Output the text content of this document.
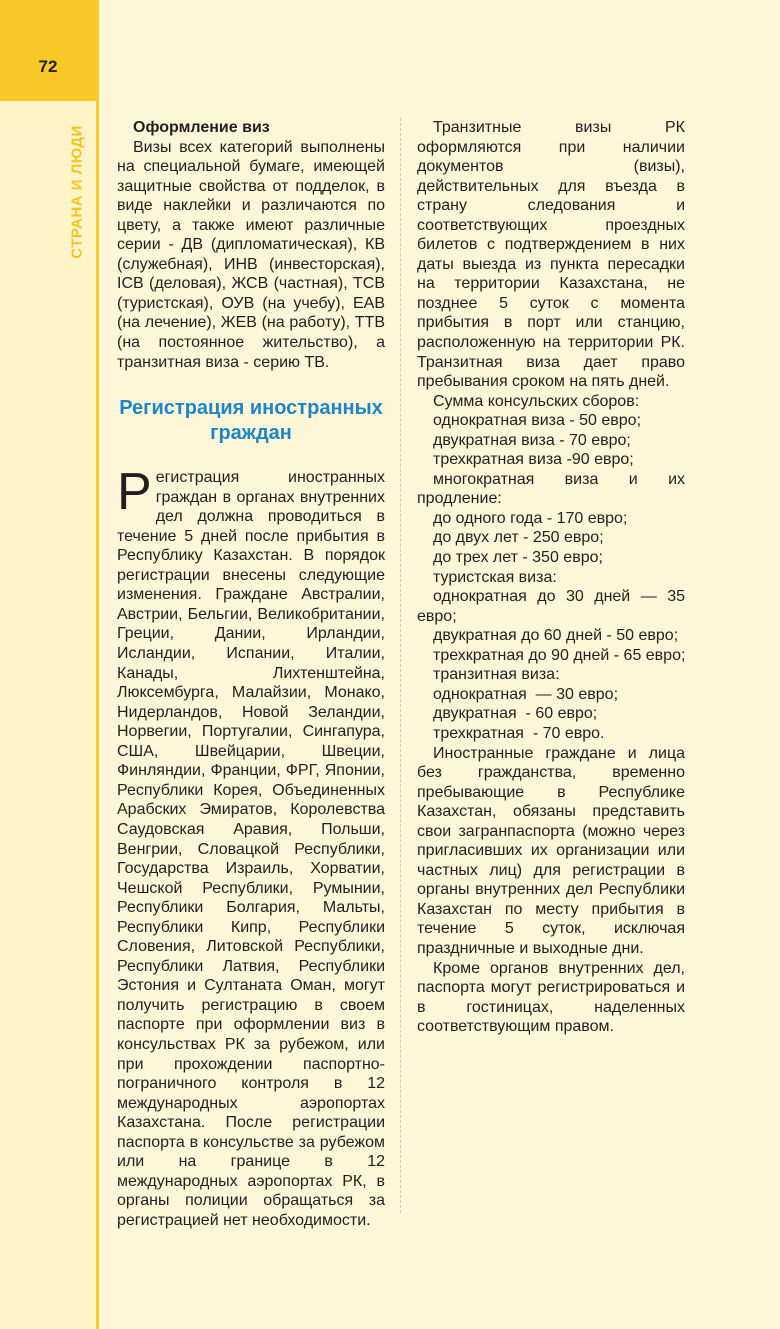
72
СТРАНА И ЛЮДИ	Оформление виз

Визы всех категорий выполнены на специальной бумаге, имеющей защитные свойства от подделок, в виде наклейки и различаются по цвету, а также имеют различные серии - ДВ (дипломатическая), КВ (служебная), ИНВ (инвесторская), ІСВ (деловая), ЖСВ (частная), ТСВ (туристская), ОУВ (на учебу), ЕАВ (на лечение), ЖЕВ (на работу), ТТВ (на постоянное жительство), а транзитная виза - серию ТВ.

Регистрация иностранных
граждан

Регистрация иностранных граждан в органах внутренних дел должна проводиться в течение 5 дней после прибытия в Республику Казахстан. В порядок регистрации внесены следующие изменения. Граждане Австралии, Австрии, Бельгии, Великобритании, Греции, Дании, Ирландии, Исландии, Испании, Италии, Канады, Лихтенштейна, Люксембурга, Малайзии, Монако, Нидерландов, Новой Зеландии, Норвегии, Португалии, Сингапура, США, Швейцарии, Швеции, Финляндии, Франции, ФРГ, Японии, Республики Корея, Объединенных Арабских Эмиратов, Королевства Саудовская Аравия, Польши, Венгрии, Словацкой Республики, Государства Израиль, Хорватии, Чешской Республики, Румынии, Республики Болгария, Мальты, Республики Кипр, Республики Словения, Литовской Республики, Республики Латвия, Республики Эстония и Султаната Оман, могут получить регистрацию в своем паспорте при оформлении виз в консульствах РК за рубежом, или при прохождении паспортно-пограничного контроля в 12 международных аэропортах Казахстана. После регистрации паспорта в консульстве за рубежом или на границе в 12 международных аэропортах РК, в органы полиции обращаться за регистрацией нет необходимости.

Транзитные визы РК оформляются при наличии документов (визы), действительных для въезда в страну следования и соответствующих проездных билетов с подтверждением в них даты выезда из пункта пересадки на территории Казахстана, не позднее 5 суток с момента прибытия в порт или станцию, расположенную на территории РК. Транзитная виза дает право пребывания сроком на пять дней.

Сумма консульских сборов:

однократная виза - 50 евро;

двукратная виза - 70 евро;

трехкратная виза -90 евро;

многократная виза и их продление:

до одного года - 170 евро;

до двух лет - 250 евро;

до трех лет - 350 евро;

туристская виза:

однократная до 30 дней — 35 евро;

двукратная до 60 дней - 50 евро;

трехкратная до 90 дней - 65 евро;

транзитная виза:

однократная  — 30 евро;

двукратная  - 60 евро;

трехкратная  - 70 евро.

Иностранные граждане и лица без гражданства, временно пребывающие в Республике Казахстан, обязаны представить свои загранпаспорта (можно через пригласивших их организации или частных лиц) для регистрации в органы внутренних дел Республики Казахстан по месту прибытия в течение 5 суток, исключая праздничные и выходные дни.

Кроме органов внутренних дел, паспорта могут регистрироваться и в гостиницах, наделенных соответствующим правом.
